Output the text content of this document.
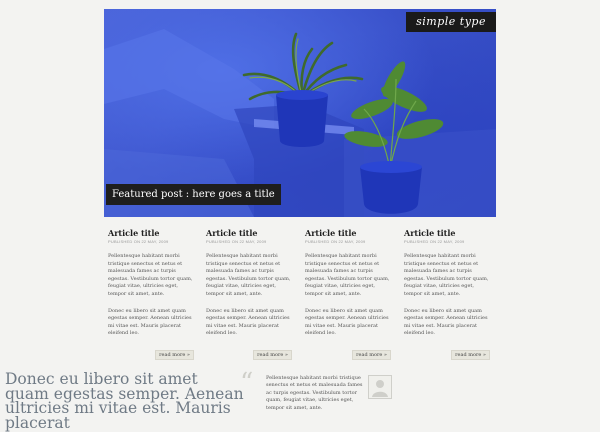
simple type
Featured post : here goes a title
Article title
PUBLISHED ON 22 MAY, 2009
Pellentesque habitant morbi tristique senectus et netus et malesuada fames ac turpis egestas. Vestibulum tortor quam, feugiat vitae, ultricies eget, tempor sit amet, ante.
Donec eu libero sit amet quam egestas semper. Aenean ultricies mi vitae est. Mauris placerat eleifend leo.
read more »
Article title
PUBLISHED ON 22 MAY, 2009
Pellentesque habitant morbi tristique senectus et netus et malesuada fames ac turpis egestas. Vestibulum tortor quam, feugiat vitae, ultricies eget, tempor sit amet, ante.
Donec eu libero sit amet quam egestas semper. Aenean ultricies mi vitae est. Mauris placerat eleifend leo.
read more »
Article title
PUBLISHED ON 22 MAY, 2009
Pellentesque habitant morbi tristique senectus et netus et malesuada fames ac turpis egestas. Vestibulum tortor quam, feugiat vitae, ultricies eget, tempor sit amet, ante.
Donec eu libero sit amet quam egestas semper. Aenean ultricies mi vitae est. Mauris placerat eleifend leo.
read more »
Article title
PUBLISHED ON 22 MAY, 2009
Pellentesque habitant morbi tristique senectus et netus et malesuada fames ac turpis egestas. Vestibulum tortor quam, feugiat vitae, ultricies eget, tempor sit amet, ante.
Donec eu libero sit amet quam egestas semper. Aenean ultricies mi vitae est. Mauris placerat eleifend leo.
read more »
Donec eu libero sit amet quam egestas semper. Aenean ultricies mi vitae est. Mauris placerat
“	Pellentesque habitant morbi tristique senectus et netus et malesuada fames ac turpis egestas. Vestibulum tortor quam, feugiat vitae, ultricies eget, tempor sit amet, ante.
